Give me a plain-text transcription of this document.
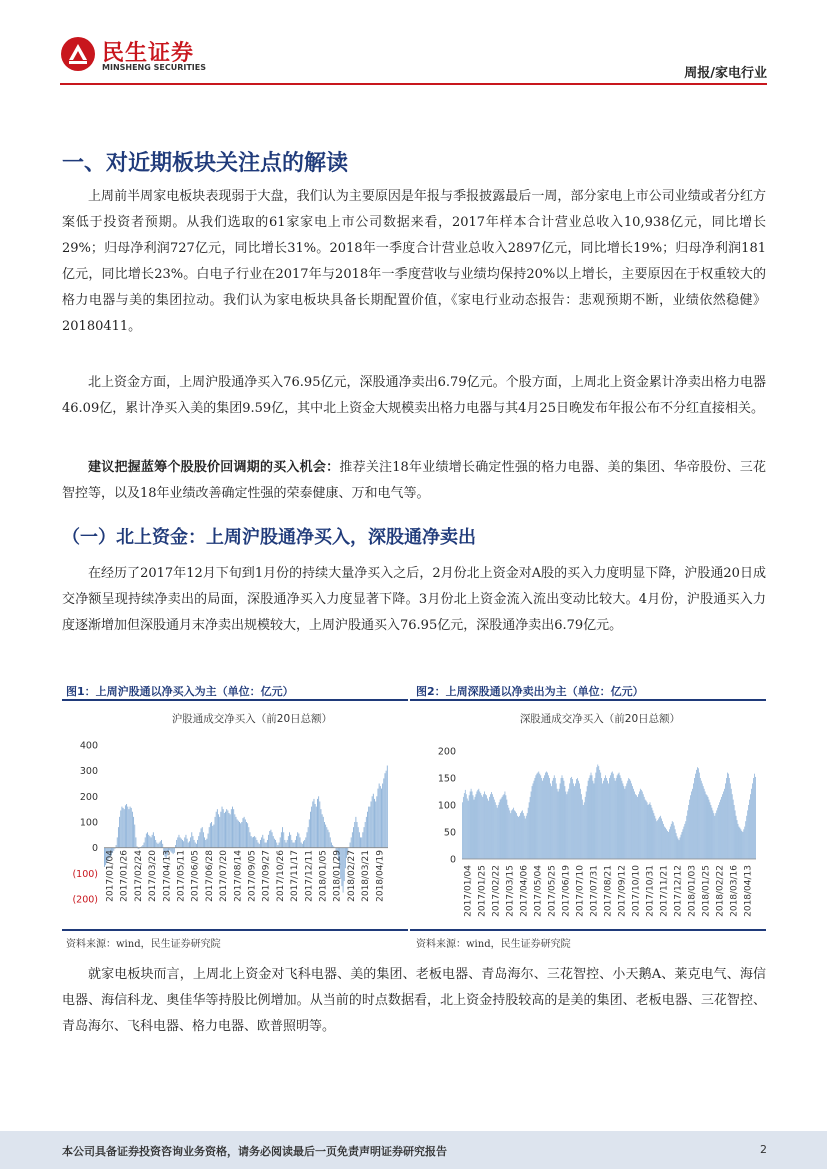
民生证券
MINSHENG SECURITIES	周报/家电行业
一、对近期板块关注点的解读

上周前半周家电板块表现弱于大盘，我们认为主要原因是年报与季报披露最后一周，部分家电上市公司业绩或者分红方案低于投资者预期。从我们选取的61家家电上市公司数据来看，2017年样本合计营业总收入10,938亿元，同比增长29%；归母净利润727亿元，同比增长31%。2018年一季度合计营业总收入2897亿元，同比增长19%；归母净利润181亿元，同比增长23%。白电子行业在2017年与2018年一季度营收与业绩均保持20%以上增长，主要原因在于权重较大的格力电器与美的集团拉动。我们认为家电板块具备长期配置价值，《家电行业动态报告：悲观预期不断，业绩依然稳健》20180411。

北上资金方面，上周沪股通净买入76.95亿元，深股通净卖出6.79亿元。个股方面，上周北上资金累计净卖出格力电器46.09亿，累计净买入美的集团9.59亿，其中北上资金大规模卖出格力电器与其4月25日晚发布年报公布不分红直接相关。

建议把握蓝筹个股股价回调期的买入机会：推荐关注18年业绩增长确定性强的格力电器、美的集团、华帝股份、三花智控等，以及18年业绩改善确定性强的荣泰健康、万和电气等。

（一）北上资金：上周沪股通净买入，深股通净卖出

在经历了2017年12月下旬到1月份的持续大量净买入之后，2月份北上资金对A股的买入力度明显下降，沪股通20日成交净额呈现持续净卖出的局面，深股通净买入力度显著下降。3月份北上资金流入流出变动比较大。4月份，沪股通买入力度逐渐增加但深股通月末净卖出规模较大，上周沪股通买入76.95亿元，深股通净卖出6.79亿元。

图1：上周沪股通以净买入为主（单位：亿元）
沪股通成交净买入（前20日总额）
400
300
200
100
0
(100)
(200) 2017/01/04 2017/01/26 2017/02/24 2017/03/20 2017/04/13 2017/05/11 2017/06/05 2017/06/28 2017/07/20 2017/08/14 2017/09/05 2017/09/27 2017/10/26 2017/11/17 2017/12/11 2018/01/05 2018/01/29 2018/02/27 2018/03/21 2018/04/19
资料来源：wind，民生证券研究院
图2：上周深股通以净卖出为主（单位：亿元）
深股通成交净买入（前20日总额）
200
150
100
50
0
2017/01/04 2017/01/25 2017/02/22 2017/03/15 2017/04/06 2017/05/04 2017/05/25 2017/06/19 2017/07/10 2017/07/31 2017/08/21 2017/09/12 2017/10/10 2017/10/31 2017/11/21 2017/12/12 2018/01/03 2018/01/25 2018/02/22 2018/03/16 2018/04/13
资料来源：wind，民生证券研究院

就家电板块而言，上周北上资金对飞科电器、美的集团、老板电器、青岛海尔、三花智控、小天鹅A、莱克电气、海信电器、海信科龙、奥佳华等持股比例增加。从当前的时点数据看，北上资金持股较高的是美的集团、老板电器、三花智控、青岛海尔、飞科电器、格力电器、欧普照明等。

本公司具备证券投资咨询业务资格，请务必阅读最后一页免责声明证券研究报告	2
